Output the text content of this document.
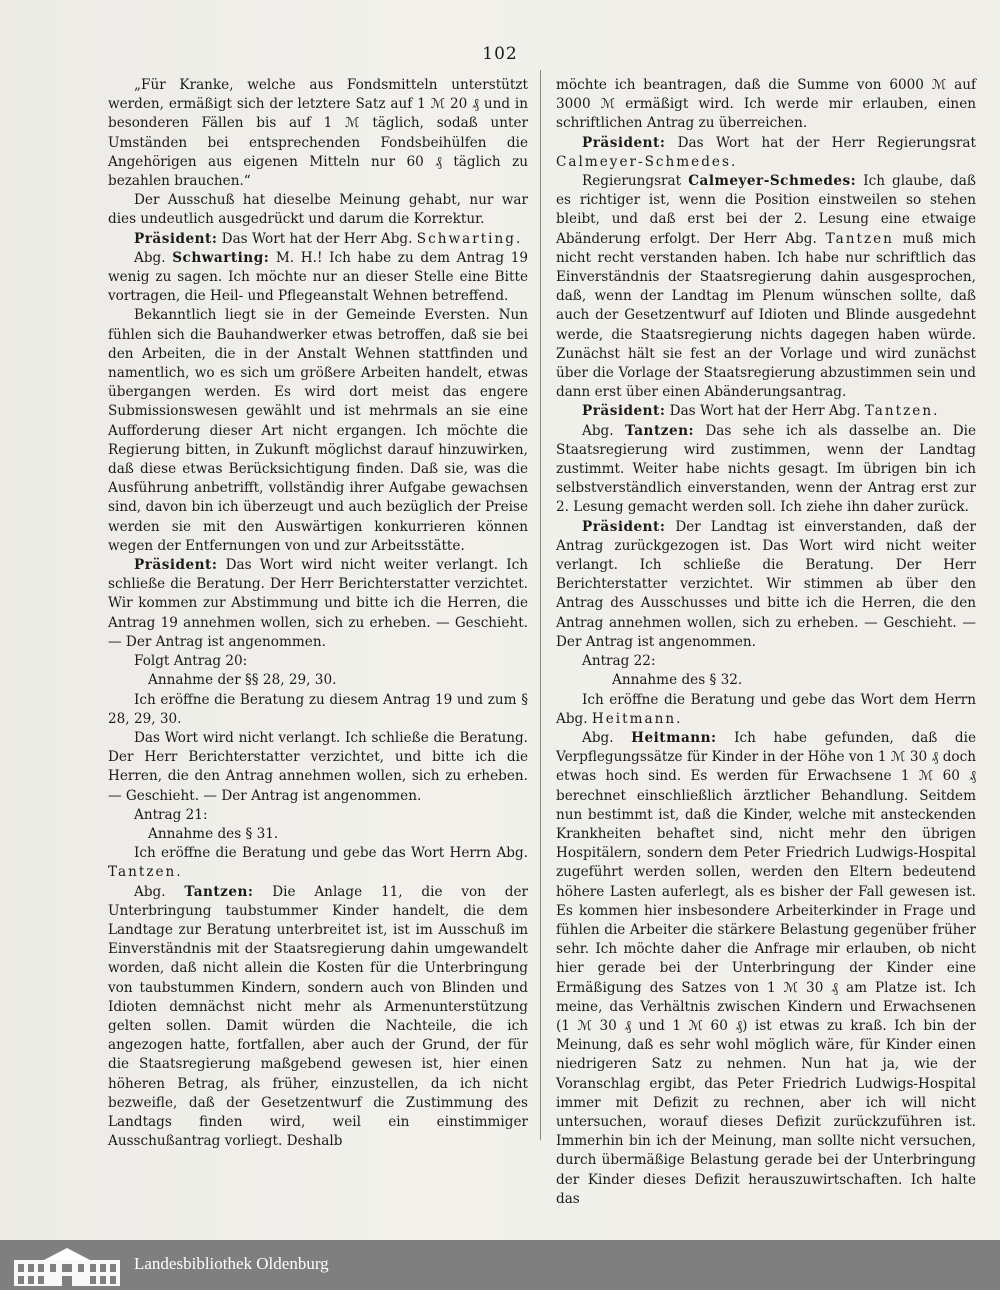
102

„Für Kranke, welche aus Fondsmitteln unterstützt werden, ermäßigt sich der letztere Satz auf 1 ℳ 20 ₰ und in besonderen Fällen bis auf 1 ℳ täglich, sodaß unter Umständen bei entsprechenden Fondsbeihülfen die Angehörigen aus eigenen Mitteln nur 60 ₰ täglich zu bezahlen brauchen.“

Der Ausschuß hat dieselbe Meinung gehabt, nur war dies undeutlich ausgedrückt und darum die Korrektur.

Präsident: Das Wort hat der Herr Abg. Schwarting.

Abg. Schwarting: M. H.! Ich habe zu dem Antrag 19 wenig zu sagen. Ich möchte nur an dieser Stelle eine Bitte vortragen, die Heil- und Pflegeanstalt Wehnen betreffend.

Bekanntlich liegt sie in der Gemeinde Eversten. Nun fühlen sich die Bauhandwerker etwas betroffen, daß sie bei den Arbeiten, die in der Anstalt Wehnen stattfinden und namentlich, wo es sich um größere Arbeiten handelt, etwas übergangen werden. Es wird dort meist das engere Submissionswesen gewählt und ist mehrmals an sie eine Aufforderung dieser Art nicht ergangen. Ich möchte die Regierung bitten, in Zukunft möglichst darauf hinzuwirken, daß diese etwas Berücksichtigung finden. Daß sie, was die Ausführung anbetrifft, vollständig ihrer Aufgabe gewachsen sind, davon bin ich überzeugt und auch bezüglich der Preise werden sie mit den Auswärtigen konkurrieren können wegen der Entfernungen von und zur Arbeitsstätte.

Präsident: Das Wort wird nicht weiter verlangt. Ich schließe die Beratung. Der Herr Berichterstatter verzichtet. Wir kommen zur Abstimmung und bitte ich die Herren, die Antrag 19 annehmen wollen, sich zu erheben. — Geschieht. — Der Antrag ist angenommen.

Folgt Antrag 20:

Annahme der §§ 28, 29, 30.

Ich eröffne die Beratung zu diesem Antrag 19 und zum § 28, 29, 30.

Das Wort wird nicht verlangt. Ich schließe die Beratung. Der Herr Berichterstatter verzichtet, und bitte ich die Herren, die den Antrag annehmen wollen, sich zu erheben. — Geschieht. — Der Antrag ist angenommen.

Antrag 21:

Annahme des § 31.

Ich eröffne die Beratung und gebe das Wort Herrn Abg. Tantzen.

Abg. Tantzen: Die Anlage 11, die von der Unterbringung taubstummer Kinder handelt, die dem Landtage zur Beratung unterbreitet ist, ist im Ausschuß im Einverständnis mit der Staatsregierung dahin umgewandelt worden, daß nicht allein die Kosten für die Unterbringung von taubstummen Kindern, sondern auch von Blinden und Idioten demnächst nicht mehr als Armenunterstützung gelten sollen. Damit würden die Nachteile, die ich angezogen hatte, fortfallen, aber auch der Grund, der für die Staatsregierung maßgebend gewesen ist, hier einen höheren Betrag, als früher, einzustellen, da ich nicht bezweifle, daß der Gesetzentwurf die Zustimmung des Landtags finden wird, weil ein einstimmiger Ausschußantrag vorliegt. Deshalb

möchte ich beantragen, daß die Summe von 6000 ℳ auf 3000 ℳ ermäßigt wird. Ich werde mir erlauben, einen schriftlichen Antrag zu überreichen.

Präsident: Das Wort hat der Herr Regierungsrat Calmeyer-Schmedes.

Regierungsrat Calmeyer-Schmedes: Ich glaube, daß es richtiger ist, wenn die Position einstweilen so stehen bleibt, und daß erst bei der 2. Lesung eine etwaige Abänderung erfolgt. Der Herr Abg. Tantzen muß mich nicht recht verstanden haben. Ich habe nur schriftlich das Einverständnis der Staatsregierung dahin ausgesprochen, daß, wenn der Landtag im Plenum wünschen sollte, daß auch der Gesetzentwurf auf Idioten und Blinde ausgedehnt werde, die Staatsregierung nichts dagegen haben würde. Zunächst hält sie fest an der Vorlage und wird zunächst über die Vorlage der Staatsregierung abzustimmen sein und dann erst über einen Abänderungsantrag.

Präsident: Das Wort hat der Herr Abg. Tantzen.

Abg. Tantzen: Das sehe ich als dasselbe an. Die Staatsregierung wird zustimmen, wenn der Landtag zustimmt. Weiter habe nichts gesagt. Im übrigen bin ich selbstverständlich einverstanden, wenn der Antrag erst zur 2. Lesung gemacht werden soll. Ich ziehe ihn daher zurück.

Präsident: Der Landtag ist einverstanden, daß der Antrag zurückgezogen ist. Das Wort wird nicht weiter verlangt. Ich schließe die Beratung. Der Herr Berichterstatter verzichtet. Wir stimmen ab über den Antrag des Ausschusses und bitte ich die Herren, die den Antrag annehmen wollen, sich zu erheben. — Geschieht. — Der Antrag ist angenommen.

Antrag 22:

Annahme des § 32.

Ich eröffne die Beratung und gebe das Wort dem Herrn Abg. Heitmann.

Abg. Heitmann: Ich habe gefunden, daß die Verpflegungssätze für Kinder in der Höhe von 1 ℳ 30 ₰ doch etwas hoch sind. Es werden für Erwachsene 1 ℳ 60 ₰ berechnet einschließlich ärztlicher Behandlung. Seitdem nun bestimmt ist, daß die Kinder, welche mit ansteckenden Krankheiten behaftet sind, nicht mehr den übrigen Hospitälern, sondern dem Peter Friedrich Ludwigs-Hospital zugeführt werden sollen, werden den Eltern bedeutend höhere Lasten auferlegt, als es bisher der Fall gewesen ist. Es kommen hier insbesondere Arbeiterkinder in Frage und fühlen die Arbeiter die stärkere Belastung gegenüber früher sehr. Ich möchte daher die Anfrage mir erlauben, ob nicht hier gerade bei der Unterbringung der Kinder eine Ermäßigung des Satzes von 1 ℳ 30 ₰ am Platze ist. Ich meine, das Verhältnis zwischen Kindern und Erwachsenen (1 ℳ 30 ₰ und 1 ℳ 60 ₰) ist etwas zu kraß. Ich bin der Meinung, daß es sehr wohl möglich wäre, für Kinder einen niedrigeren Satz zu nehmen. Nun hat ja, wie der Voranschlag ergibt, das Peter Friedrich Ludwigs-Hospital immer mit Defizit zu rechnen, aber ich will nicht untersuchen, worauf dieses Defizit zurückzuführen ist. Immerhin bin ich der Meinung, man sollte nicht versuchen, durch übermäßige Belastung gerade bei der Unterbringung der Kinder dieses Defizit herauszuwirtschaften. Ich halte das

Landesbibliothek Oldenburg
